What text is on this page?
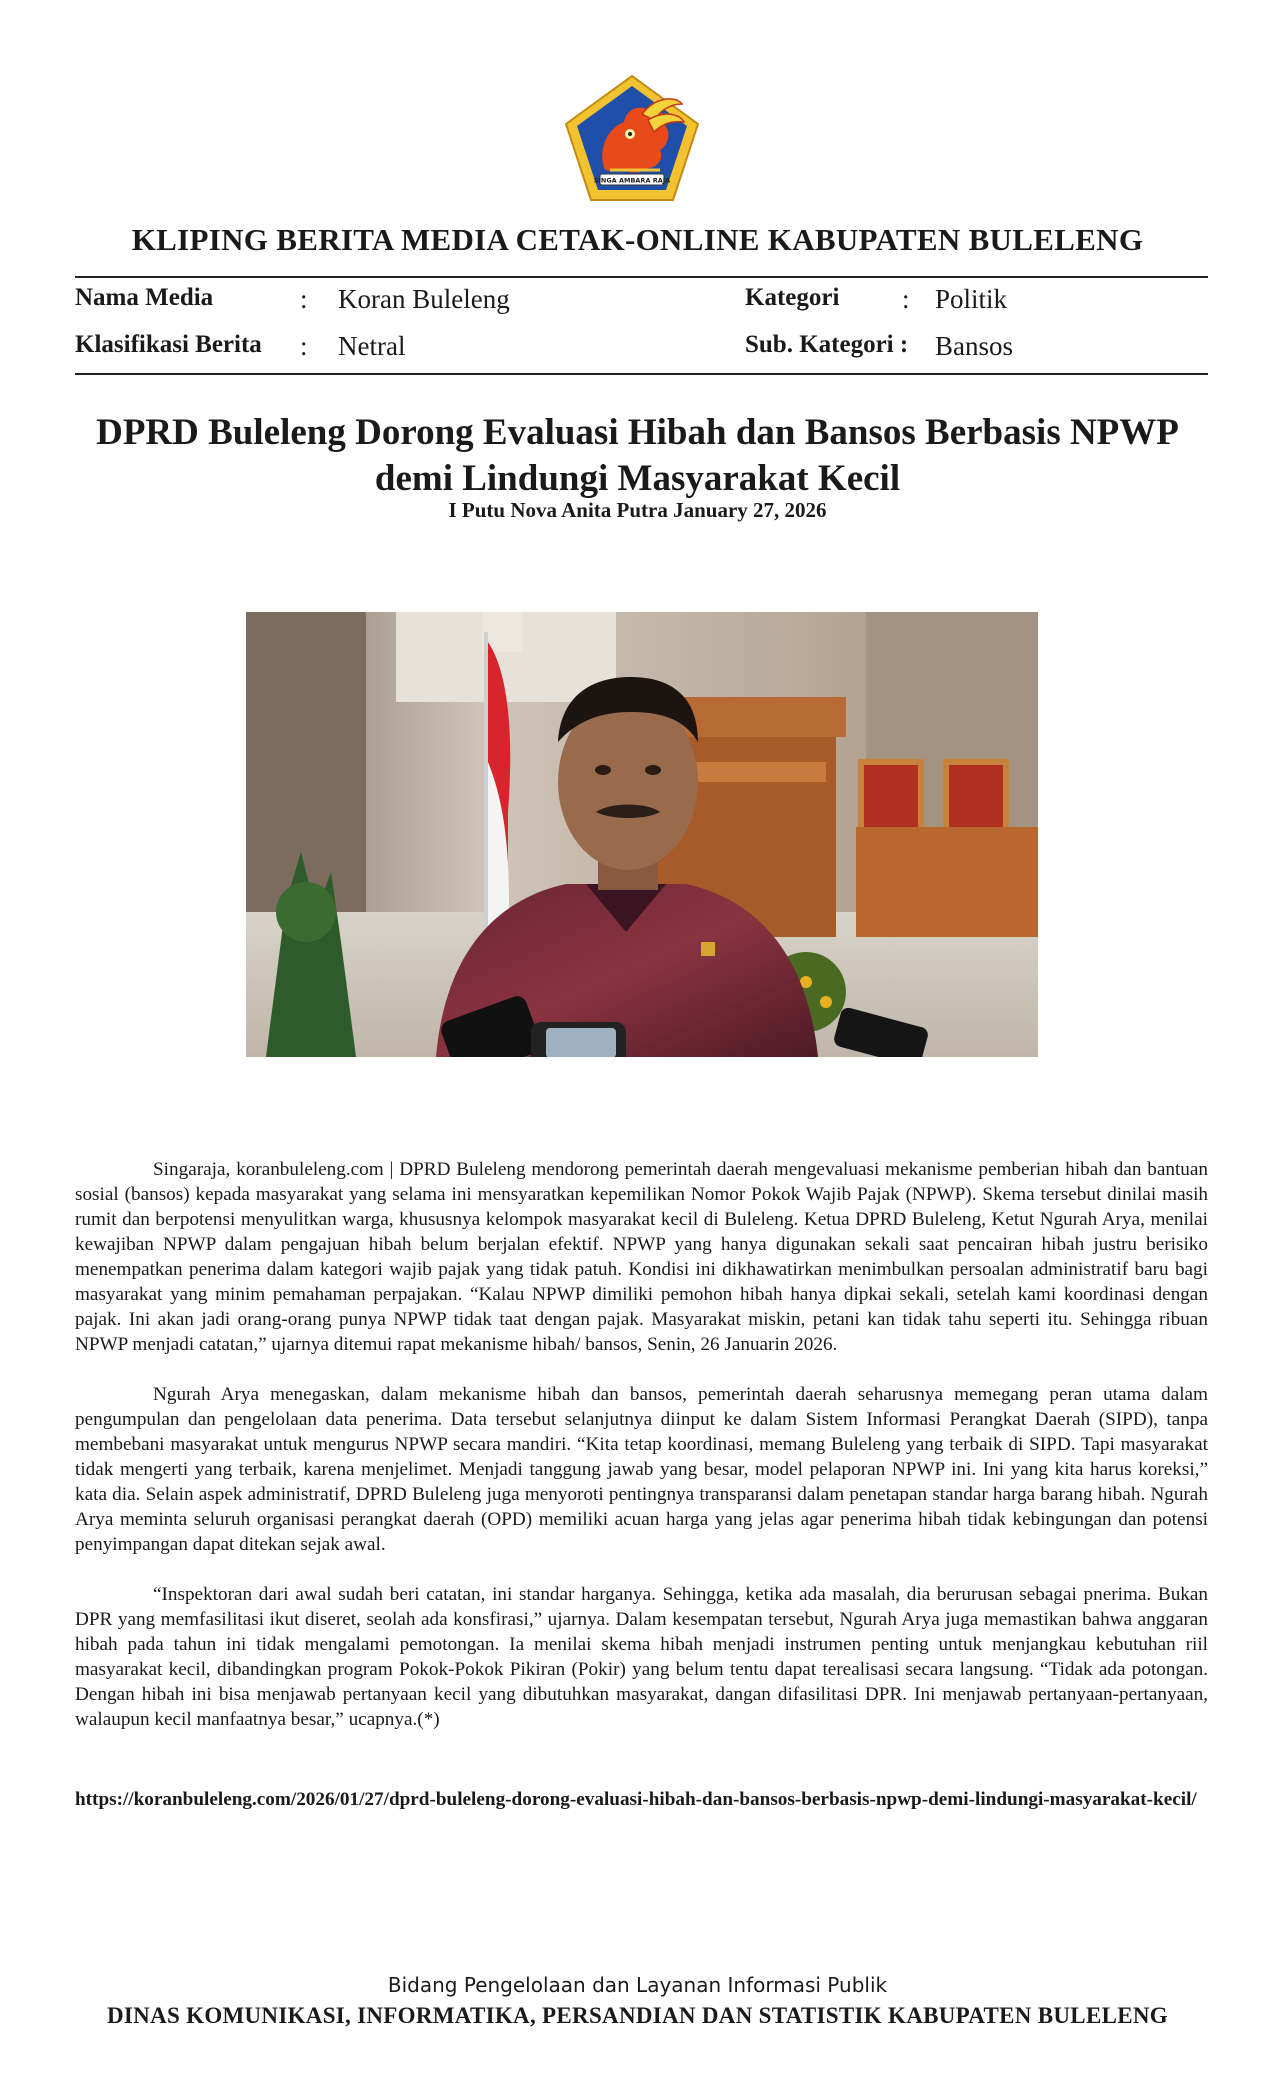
SINGA AMBARA RAJA
KLIPING BERITA MEDIA CETAK-ONLINE KABUPATEN BULELENG
Nama Media	: Koran Buleleng
Klasifikasi Berita : Netral
Kategori : Politik
Sub. Kategori : Bansos
DPRD Buleleng Dorong Evaluasi Hibah dan Bansos Berbasis NPWP demi Lindungi Masyarakat Kecil
I Putu Nova Anita Putra January 27, 2026

Singaraja, koranbuleleng.com | DPRD Buleleng mendorong pemerintah daerah mengevaluasi mekanisme pemberian hibah dan bantuan sosial (bansos) kepada masyarakat yang selama ini mensyaratkan kepemilikan Nomor Pokok Wajib Pajak (NPWP). Skema tersebut dinilai masih rumit dan berpotensi menyulitkan warga, khususnya kelompok masyarakat kecil di Buleleng. Ketua DPRD Buleleng, Ketut Ngurah Arya, menilai kewajiban NPWP dalam pengajuan hibah belum berjalan efektif. NPWP yang hanya digunakan sekali saat pencairan hibah justru berisiko menempatkan penerima dalam kategori wajib pajak yang tidak patuh. Kondisi ini dikhawatirkan menimbulkan persoalan administratif baru bagi masyarakat yang minim pemahaman perpajakan. “Kalau NPWP dimiliki pemohon hibah hanya dipkai sekali, setelah kami koordinasi dengan pajak. Ini akan jadi orang-orang punya NPWP tidak taat dengan pajak. Masyarakat miskin, petani kan tidak tahu seperti itu. Sehingga ribuan NPWP menjadi catatan,” ujarnya ditemui rapat mekanisme hibah/ bansos, Senin, 26 Januarin 2026.

Ngurah Arya menegaskan, dalam mekanisme hibah dan bansos, pemerintah daerah seharusnya memegang peran utama dalam pengumpulan dan pengelolaan data penerima. Data tersebut selanjutnya diinput ke dalam Sistem Informasi Perangkat Daerah (SIPD), tanpa membebani masyarakat untuk mengurus NPWP secara mandiri. “Kita tetap koordinasi, memang Buleleng yang terbaik di SIPD. Tapi masyarakat tidak mengerti yang terbaik, karena menjelimet. Menjadi tanggung jawab yang besar, model pelaporan NPWP ini. Ini yang kita harus koreksi,” kata dia. Selain aspek administratif, DPRD Buleleng juga menyoroti pentingnya transparansi dalam penetapan standar harga barang hibah. Ngurah Arya meminta seluruh organisasi perangkat daerah (OPD) memiliki acuan harga yang jelas agar penerima hibah tidak kebingungan dan potensi penyimpangan dapat ditekan sejak awal.

“Inspektoran dari awal sudah beri catatan, ini standar harganya. Sehingga, ketika ada masalah, dia berurusan sebagai pnerima. Bukan DPR yang memfasilitasi ikut diseret, seolah ada konsfirasi,” ujarnya. Dalam kesempatan tersebut, Ngurah Arya juga memastikan bahwa anggaran hibah pada tahun ini tidak mengalami pemotongan. Ia menilai skema hibah menjadi instrumen penting untuk menjangkau kebutuhan riil masyarakat kecil, dibandingkan program Pokok-Pokok Pikiran (Pokir) yang belum tentu dapat terealisasi secara langsung. “Tidak ada potongan. Dengan hibah ini bisa menjawab pertanyaan kecil yang dibutuhkan masyarakat, dangan difasilitasi DPR. Ini menjawab pertanyaan-pertanyaan, walaupun kecil manfaatnya besar,” ucapnya.(*)

https://koranbuleleng.com/2026/01/27/dprd-buleleng-dorong-evaluasi-hibah-dan-bansos-berbasis-npwp-demi-lindungi-masyarakat-kecil/
Bidang Pengelolaan dan Layanan Informasi Publik
DINAS KOMUNIKASI, INFORMATIKA, PERSANDIAN DAN STATISTIK KABUPATEN BULELENG
